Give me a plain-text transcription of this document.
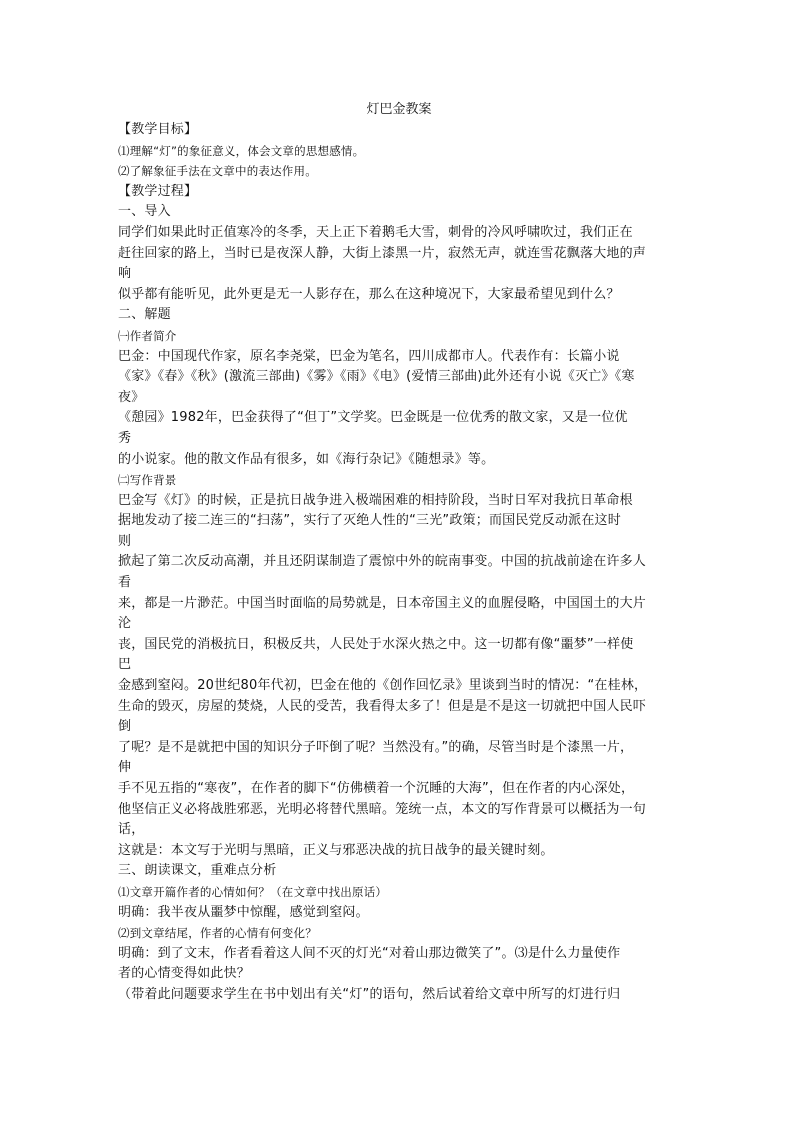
灯巴金教案
【教学目标】
⑴理解“灯”的象征意义，体会文章的思想感情。
⑵了解象征手法在文章中的表达作用。
【教学过程】
一、导入
同学们如果此时正值寒冷的冬季，天上正下着鹅毛大雪，刺骨的冷风呼啸吹过，我们正在
赶往回家的路上，当时已是夜深人静，大街上漆黑一片，寂然无声，就连雪花飘落大地的声
响
似乎都有能听见，此外更是无一人影存在，那么在这种境况下，大家最希望见到什么？
二、解题
㈠作者简介
巴金：中国现代作家，原名李尧棠，巴金为笔名，四川成都市人。代表作有：长篇小说
《家》《春》《秋》(激流三部曲)《雾》《雨》《电》(爱情三部曲)此外还有小说《灭亡》《寒
夜》
《憩园》1982年，巴金获得了“但丁”文学奖。巴金既是一位优秀的散文家，又是一位优
秀
的小说家。他的散文作品有很多，如《海行杂记》《随想录》等。
㈡写作背景
巴金写《灯》的时候，正是抗日战争进入极端困难的相持阶段，当时日军对我抗日革命根
据地发动了接二连三的“扫荡”，实行了灭绝人性的“三光”政策；而国民党反动派在这时
则
掀起了第二次反动高潮，并且还阴谋制造了震惊中外的皖南事变。中国的抗战前途在许多人
看
来，都是一片渺茫。中国当时面临的局势就是，日本帝国主义的血腥侵略，中国国土的大片
沦
丧，国民党的消极抗日，积极反共，人民处于水深火热之中。这一切都有像“噩梦”一样使
巴
金感到窒闷。20世纪80年代初，巴金在他的《创作回忆录》里谈到当时的情况：“在桂林，
生命的毁灭，房屋的焚烧，人民的受苦，我看得太多了！但是是不是这一切就把中国人民吓
倒
了呢？是不是就把中国的知识分子吓倒了呢？当然没有。”的确，尽管当时是个漆黑一片，
伸
手不见五指的“寒夜”，在作者的脚下“仿佛横着一个沉睡的大海”，但在作者的内心深处，
他坚信正义必将战胜邪恶，光明必将替代黑暗。笼统一点，本文的写作背景可以概括为一句
话，
这就是：本文写于光明与黑暗，正义与邪恶决战的抗日战争的最关键时刻。
三、朗读课文，重难点分析
⑴文章开篇作者的心情如何？（在文章中找出原话）
明确：我半夜从噩梦中惊醒，感觉到窒闷。
⑵到文章结尾，作者的心情有何变化？
明确：到了文末，作者看着这人间不灭的灯光“对着山那边微笑了”。⑶是什么力量使作
者的心情变得如此快？
（带着此问题要求学生在书中划出有关“灯”的语句，然后试着给文章中所写的灯进行归
